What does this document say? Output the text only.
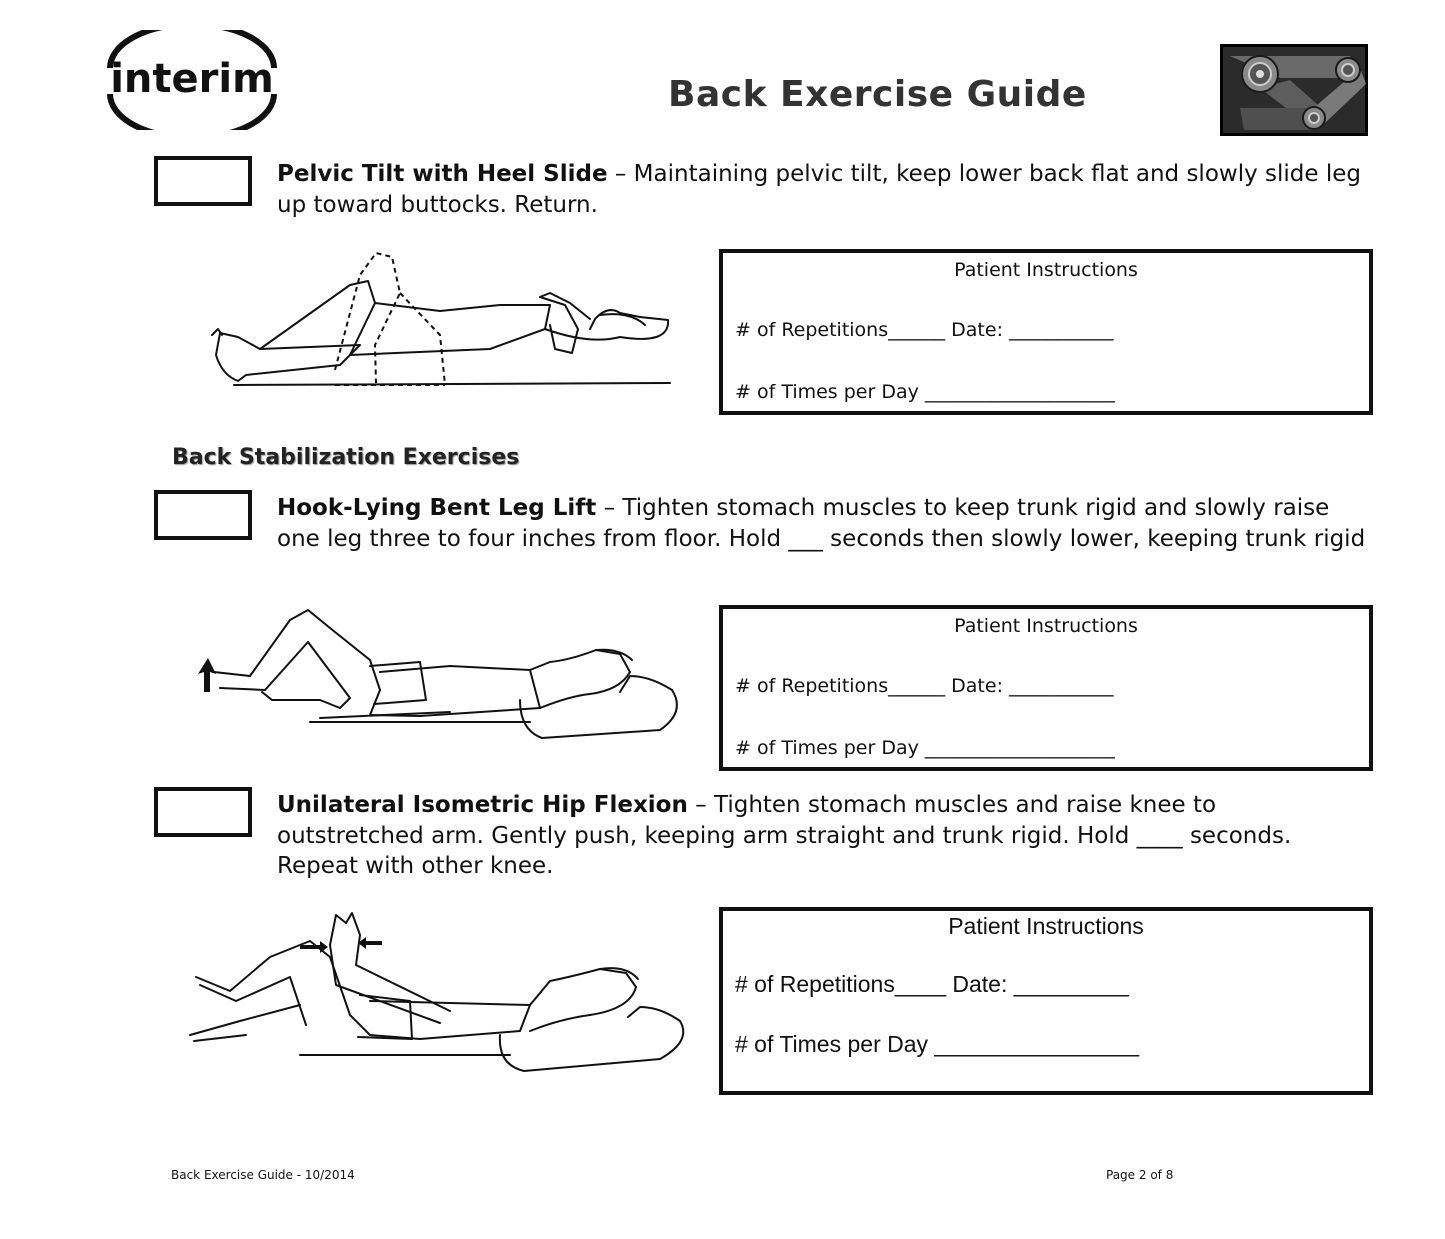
interim	Back Exercise Guide
Pelvic Tilt with Heel Slide – Maintaining pelvic tilt, keep lower back flat and slowly slide leg up toward buttocks. Return.
Patient Instructions
# of Repetitions______ Date: ___________
# of Times per Day ____________________
Back Stabilization Exercises
Hook-Lying Bent Leg Lift – Tighten stomach muscles to keep trunk rigid and slowly raise one leg three to four inches from floor. Hold ___ seconds then slowly lower, keeping trunk rigid
Patient Instructions
# of Repetitions______ Date: ___________
# of Times per Day ____________________
Unilateral Isometric Hip Flexion – Tighten stomach muscles and raise knee to outstretched arm. Gently push, keeping arm straight and trunk rigid. Hold ____ seconds. Repeat with other knee.
Patient Instructions
# of Repetitions____ Date: _________
# of Times per Day ________________
Back Exercise Guide - 10/2014	Page 2 of 8
